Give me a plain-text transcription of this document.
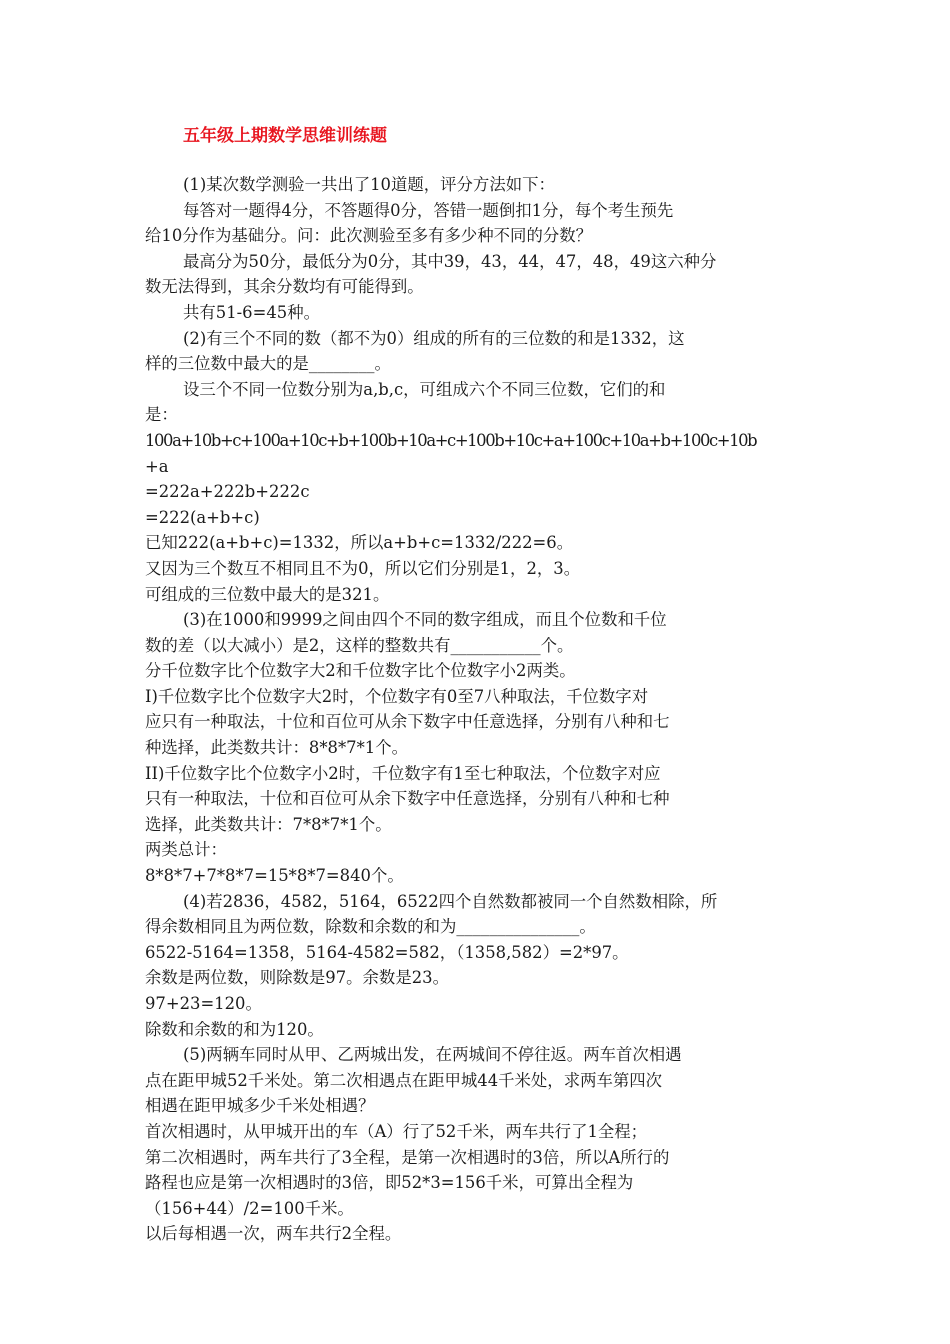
五年级上期数学思维训练题
(1)某次数学测验一共出了10道题，评分方法如下：
每答对一题得4分，不答题得0分，答错一题倒扣1分，每个考生预先
给10分作为基础分。问：此次测验至多有多少种不同的分数？
最高分为50分，最低分为0分，其中39，43，44，47，48，49这六种分
数无法得到，其余分数均有可能得到。
共有51-6=45种。
(2)有三个不同的数（都不为0）组成的所有的三位数的和是1332，这
样的三位数中最大的是________。
设三个不同一位数分别为a,b,c，可组成六个不同三位数，它们的和
是：
100a+10b+c+100a+10c+b+100b+10a+c+100b+10c+a+100c+10a+b+100c+10b
+a
=222a+222b+222c
=222(a+b+c)
已知222(a+b+c)=1332，所以a+b+c=1332/222=6。
又因为三个数互不相同且不为0，所以它们分别是1，2，3。
可组成的三位数中最大的是321。
(3)在1000和9999之间由四个不同的数字组成，而且个位数和千位
数的差（以大减小）是2，这样的整数共有___________个。
分千位数字比个位数字大2和千位数字比个位数字小2两类。
I)千位数字比个位数字大2时，个位数字有0至7八种取法，千位数字对
应只有一种取法，十位和百位可从余下数字中任意选择，分别有八种和七
种选择，此类数共计：8*8*7*1个。
II)千位数字比个位数字小2时，千位数字有1至七种取法，个位数字对应
只有一种取法，十位和百位可从余下数字中任意选择，分别有八种和七种
选择，此类数共计：7*8*7*1个。
两类总计：
8*8*7+7*8*7=15*8*7=840个。
(4)若2836，4582，5164，6522四个自然数都被同一个自然数相除，所
得余数相同且为两位数，除数和余数的和为_______________。
6522-5164=1358，5164-4582=582，（1358,582）=2*97。
余数是两位数，则除数是97。余数是23。
97+23=120。
除数和余数的和为120。
(5)两辆车同时从甲、乙两城出发，在两城间不停往返。两车首次相遇
点在距甲城52千米处。第二次相遇点在距甲城44千米处，求两车第四次
相遇在距甲城多少千米处相遇？
首次相遇时，从甲城开出的车（A）行了52千米，两车共行了1全程；
第二次相遇时，两车共行了3全程，是第一次相遇时的3倍，所以A所行的
路程也应是第一次相遇时的3倍，即52*3=156千米，可算出全程为
（156+44）/2=100千米。
以后每相遇一次，两车共行2全程。
